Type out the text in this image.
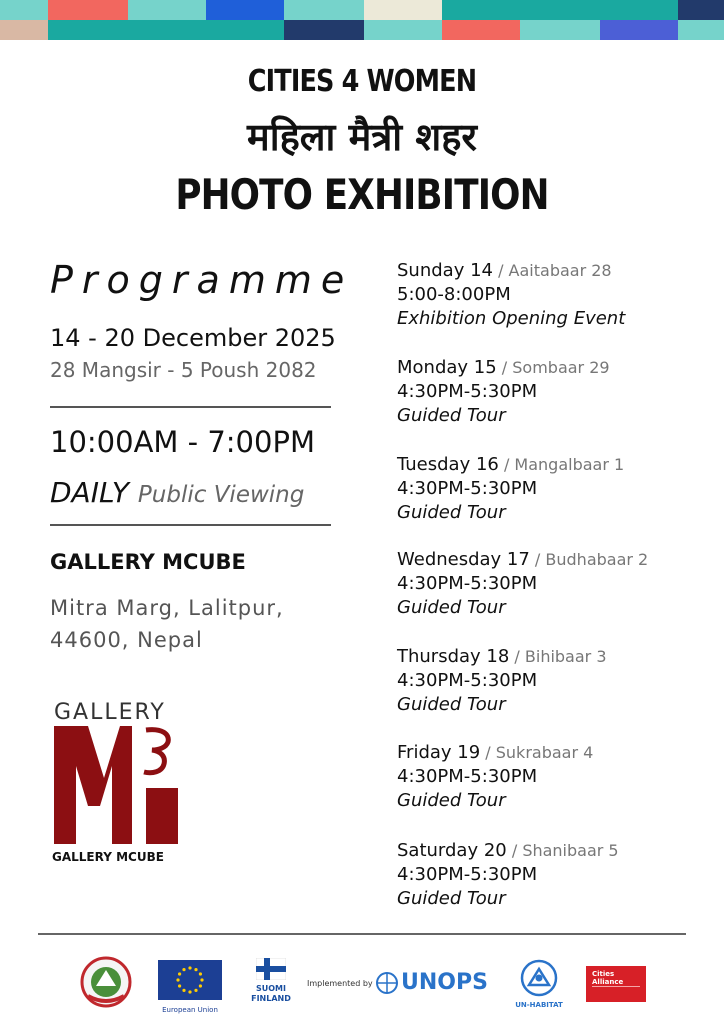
CITIES 4 WOMEN
महिला मैत्री शहर
PHOTO EXHIBITION
Programme
14 - 20 December 2025
28 Mangsir - 5 Poush 2082
10:00AM - 7:00PM
DAILY Public Viewing
GALLERY MCUBE
Mitra Marg, Lalitpur,
44600, Nepal
GALLERY
GALLERY MCUBE
Sunday 14 / Aaitabaar 28
5:00-8:00PM
Exhibition Opening Event
Monday 15 / Sombaar 29
4:30PM-5:30PM
Guided Tour
Tuesday 16 / Mangalbaar 1
4:30PM-5:30PM
Guided Tour
Wednesday 17 / Budhabaar 2
4:30PM-5:30PM
Guided Tour
Thursday 18 / Bihibaar 3
4:30PM-5:30PM
Guided Tour
Friday 19 / Sukrabaar 4
4:30PM-5:30PM
Guided Tour
Saturday 20 / Shanibaar 5
4:30PM-5:30PM
Guided Tour
European Union
SUOMI
FINLAND
Implemented by UNOPS
UN-HABITAT
Cities Alliance
